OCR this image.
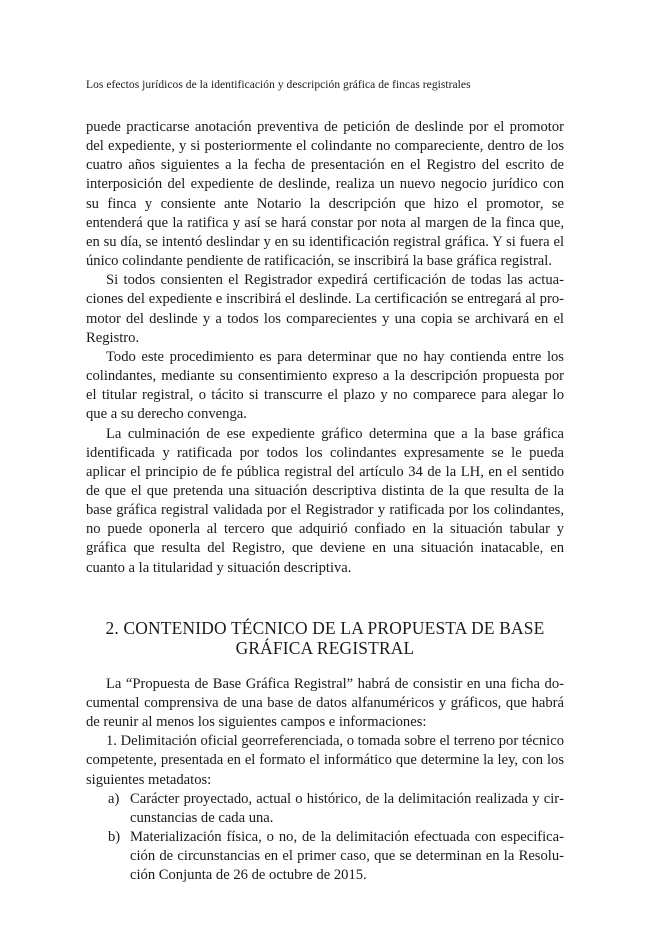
Los efectos jurídicos de la identificación y descripción gráfica de fincas registrales

puede practicarse anotación preventiva de petición de deslinde por el promotor del expediente, y si posteriormente el colindante no compareciente, dentro de los cuatro años siguientes a la fecha de presentación en el Registro del escrito de interposición del expediente de deslinde, realiza un nuevo negocio jurídico con su finca y consiente ante Notario la descripción que hizo el promotor, se entenderá que la ratifica y así se hará constar por nota al margen de la finca que, en su día, se intentó deslindar y en su identificación registral gráfica. Y si fuera el único colindante pendiente de ratificación, se inscribirá la base gráfica registral.

Si todos consienten el Registrador expedirá certificación de todas las actuaciones del expediente e inscribirá el deslinde. La certificación se entregará al promotor del deslinde y a todos los comparecientes y una copia se archivará en el Registro.

Todo este procedimiento es para determinar que no hay contienda entre los colindantes, mediante su consentimiento expreso a la descripción propuesta por el titular registral, o tácito si transcurre el plazo y no comparece para alegar lo que a su derecho convenga.

La culminación de ese expediente gráfico determina que a la base gráfica identificada y ratificada por todos los colindantes expresamente se le pueda aplicar el principio de fe pública registral del artículo 34 de la LH, en el sentido de que el que pretenda una situación descriptiva distinta de la que resulta de la base gráfica registral validada por el Registrador y ratificada por los colindantes, no puede oponerla al tercero que adquirió confiado en la situación tabular y gráfica que resulta del Registro, que deviene en una situación inatacable, en cuanto a la titularidad y situación descriptiva.

2. CONTENIDO TÉCNICO DE LA PROPUESTA DE BASE
GRÁFICA REGISTRAL

La “Propuesta de Base Gráfica Registral” habrá de consistir en una ficha documental comprensiva de una base de datos alfanuméricos y gráficos, que habrá de reunir al menos los siguientes campos e informaciones:

1. Delimitación oficial georreferenciada, o tomada sobre el terreno por técnico competente, presentada en el formato el informático que determine la ley, con los siguientes metadatos:

a) Carácter proyectado, actual o histórico, de la delimitación realizada y circunstancias de cada una.
b) Materialización física, o no, de la delimitación efectuada con especificación de circunstancias en el primer caso, que se determinan en la Resolución Conjunta de 26 de octubre de 2015.
